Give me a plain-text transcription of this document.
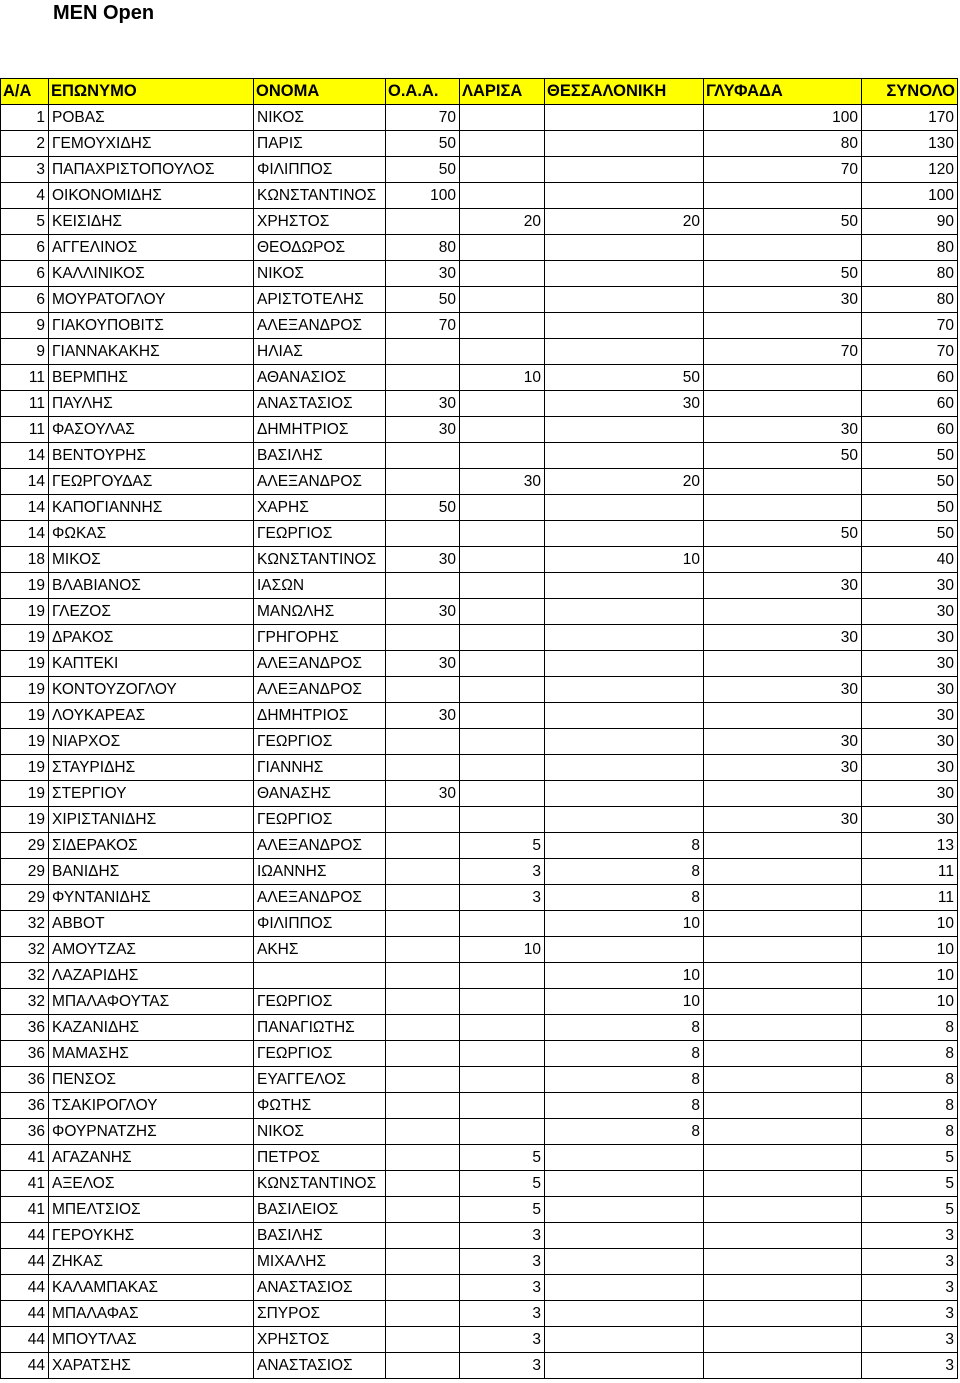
MEN Open
Α/Α	ΕΠΩΝΥΜΟ	ΟΝΟΜΑ	Ο.Α.Α.	ΛΑΡΙΣΑ	ΘΕΣΣΑΛΟΝΙΚΗ	ΓΛΥΦΑΔΑ	ΣΥΝΟΛΟ
1	ΡΟΒΑΣ	ΝΙΚΟΣ	70			100	170
2	ΓΕΜΟΥΧΙΔΗΣ	ΠΑΡΙΣ	50			80	130
3	ΠΑΠΑΧΡΙΣΤΟΠΟΥΛΟΣ	ΦΙΛΙΠΠΟΣ	50			70	120
4	ΟΙΚΟΝΟΜΙΔΗΣ	ΚΩΝΣΤΑΝΤΙΝΟΣ	100				100
5	ΚΕΙΣΙΔΗΣ	ΧΡΗΣΤΟΣ		20	20	50	90
6	ΑΓΓΕΛΙΝΟΣ	ΘΕΟΔΩΡΟΣ	80				80
6	ΚΑΛΛΙΝΙΚΟΣ	ΝΙΚΟΣ	30			50	80
6	ΜΟΥΡΑΤΟΓΛΟΥ	ΑΡΙΣΤΟΤΕΛΗΣ	50			30	80
9	ΓΙΑΚΟΥΠΟΒΙΤΣ	ΑΛΕΞΑΝΔΡΟΣ	70				70
9	ΓΙΑΝΝΑΚΑΚΗΣ	ΗΛΙΑΣ				70	70
11	ΒΕΡΜΠΗΣ	ΑΘΑΝΑΣΙΟΣ		10	50		60
11	ΠΑΥΛΗΣ	ΑΝΑΣΤΑΣΙΟΣ	30		30		60
11	ΦΑΣΟΥΛΑΣ	ΔΗΜΗΤΡΙΟΣ	30			30	60
14	ΒΕΝΤΟΥΡΗΣ	ΒΑΣΙΛΗΣ				50	50
14	ΓΕΩΡΓΟΥΔΑΣ	ΑΛΕΞΑΝΔΡΟΣ		30	20		50
14	ΚΑΠΟΓΙΑΝΝΗΣ	ΧΑΡΗΣ	50				50
14	ΦΩΚΑΣ	ΓΕΩΡΓΙΟΣ				50	50
18	ΜΙΚΟΣ	ΚΩΝΣΤΑΝΤΙΝΟΣ	30		10		40
19	ΒΛΑΒΙΑΝΟΣ	ΙΑΣΩΝ				30	30
19	ΓΛΕΖΟΣ	ΜΑΝΩΛΗΣ	30				30
19	ΔΡΑΚΟΣ	ΓΡΗΓΟΡΗΣ				30	30
19	ΚΑΠΤΕΚΙ	ΑΛΕΞΑΝΔΡΟΣ	30				30
19	ΚΟΝΤΟΥΖΟΓΛΟΥ	ΑΛΕΞΑΝΔΡΟΣ				30	30
19	ΛΟΥΚΑΡΕΑΣ	ΔΗΜΗΤΡΙΟΣ	30				30
19	ΝΙΑΡΧΟΣ	ΓΕΩΡΓΙΟΣ				30	30
19	ΣΤΑΥΡΙΔΗΣ	ΓΙΑΝΝΗΣ				30	30
19	ΣΤΕΡΓΙΟΥ	ΘΑΝΑΣΗΣ	30				30
19	ΧΙΡΙΣΤΑΝΙΔΗΣ	ΓΕΩΡΓΙΟΣ				30	30
29	ΣΙΔΕΡΑΚΟΣ	ΑΛΕΞΑΝΔΡΟΣ		5	8		13
29	ΒΑΝΙΔΗΣ	ΙΩΑΝΝΗΣ		3	8		11
29	ΦΥΝΤΑΝΙΔΗΣ	ΑΛΕΞΑΝΔΡΟΣ		3	8		11
32	ΑΒΒΟΤ	ΦΙΛΙΠΠΟΣ			10		10
32	ΑΜΟΥΤΖΑΣ	ΑΚΗΣ		10			10
32	ΛΑΖΑΡΙΔΗΣ				10		10
32	ΜΠΑΛΑΦΟΥΤΑΣ	ΓΕΩΡΓΙΟΣ			10		10
36	ΚΑΖΑΝΙΔΗΣ	ΠΑΝΑΓΙΩΤΗΣ			8		8
36	ΜΑΜΑΣΗΣ	ΓΕΩΡΓΙΟΣ			8		8
36	ΠΕΝΣΟΣ	ΕΥΑΓΓΕΛΟΣ			8		8
36	ΤΣΑΚΙΡΟΓΛΟΥ	ΦΩΤΗΣ			8		8
36	ΦΟΥΡΝΑΤΖΗΣ	ΝΙΚΟΣ			8		8
41	ΑΓΑΖΑΝΗΣ	ΠΕΤΡΟΣ		5			5
41	ΑΞΕΛΟΣ	ΚΩΝΣΤΑΝΤΙΝΟΣ		5			5
41	ΜΠΕΛΤΣΙΟΣ	ΒΑΣΙΛΕΙΟΣ		5			5
44	ΓΕΡΟΥΚΗΣ	ΒΑΣΙΛΗΣ		3			3
44	ΖΗΚΑΣ	ΜΙΧΑΛΗΣ		3			3
44	ΚΑΛΑΜΠΑΚΑΣ	ΑΝΑΣΤΑΣΙΟΣ		3			3
44	ΜΠΑΛΑΦΑΣ	ΣΠΥΡΟΣ		3			3
44	ΜΠΟΥΤΛΑΣ	ΧΡΗΣΤΟΣ		3			3
44	ΧΑΡΑΤΣΗΣ	ΑΝΑΣΤΑΣΙΟΣ		3			3
